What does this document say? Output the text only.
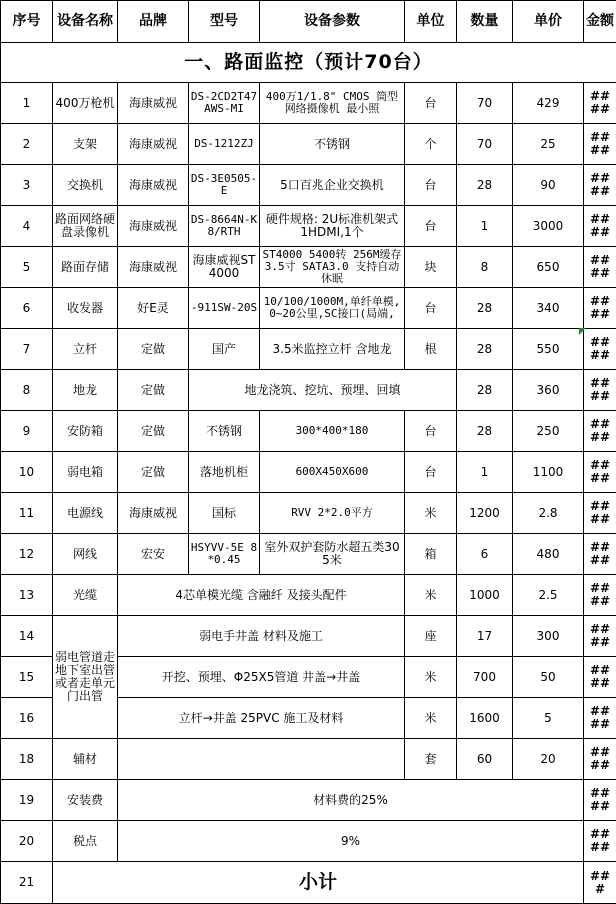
序号	设备名称	品牌	型号	设备参数	单位	数量	单价	金额
一、路面监控（预计70台）								
1	400万枪机	海康威视	DS-2CD2T47AWS-MI	400万1/1.8" CMOS 筒型网络摄像机 最小照	台	70	429	####
2	支架	海康威视	DS-1212ZJ	不锈钢	个	70	25	####
3	交换机	海康威视	DS-3E0505-E	5口百兆企业交换机	台	28	90	####
4	路面网络硬盘录像机	海康威视	DS-8664N-K8/RTH	硬件规格: 2U标准机架式 1HDMI,1个	台	1	3000	####
5	路面存储	海康威视	海康威视ST4000	ST4000 5400转 256M缓存 3.5寸 SATA3.0 支持自动休眠	块	8	650	####
6	收发器	好E灵	-911SW-20S	10/100/1000M,单纤单模,0~20公里,SC接口(局端,	台	28	340	####
7	立杆	定做	国产	3.5米监控立杆 含地龙	根	28	550	####
8	地龙	定做	地龙浇筑、挖坑、预埋、回填			28	360	####
9	安防箱	定做	不锈钢	300*400*180	台	28	250	####
10	弱电箱	定做	落地机柜	600X450X600	台	1	1100	####
11	电源线	海康威视	国标	RVV 2*2.0平方	米	1200	2.8	####
12	网线	宏安	HSYVV-5E 8*0.45	室外双护套防水超五类305米	箱	6	480	####
13	光缆	4芯单模光缆 含融纤 及接头配件			米	1000	2.5	####
14	弱电管道走地下室出管或者走单元门出管	弱电手井盖 材料及施工			座	17	300	####
15		开挖、预埋、Φ25X5管道 井盖→井盖			米	700	50	####
16		立杆→井盖 25PVC 施工及材料			米	1600	5	####
18	辅材				套	60	20	####
19	安装费	材料费的25%						####
20	税点	9%						####
21	小计							###
